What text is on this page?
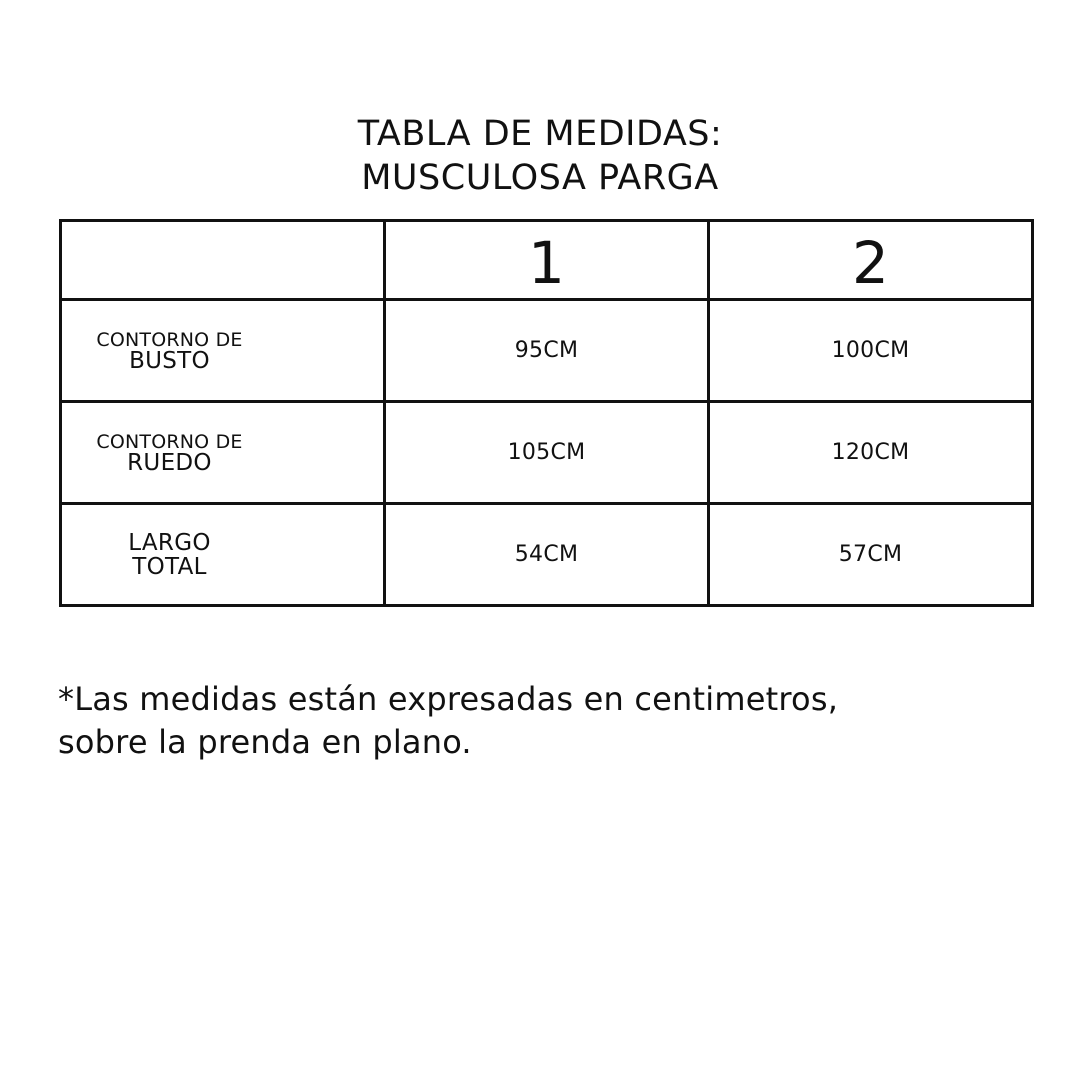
TABLA DE MEDIDAS:
MUSCULOSA PARGA
	1	2

CONTORNO DE
BUSTO	95CM	100CM

CONTORNO DE
RUEDO	105CM	120CM

LARGO
TOTAL	54CM	57CM
*Las medidas están expresadas en centimetros,
sobre la prenda en plano.
